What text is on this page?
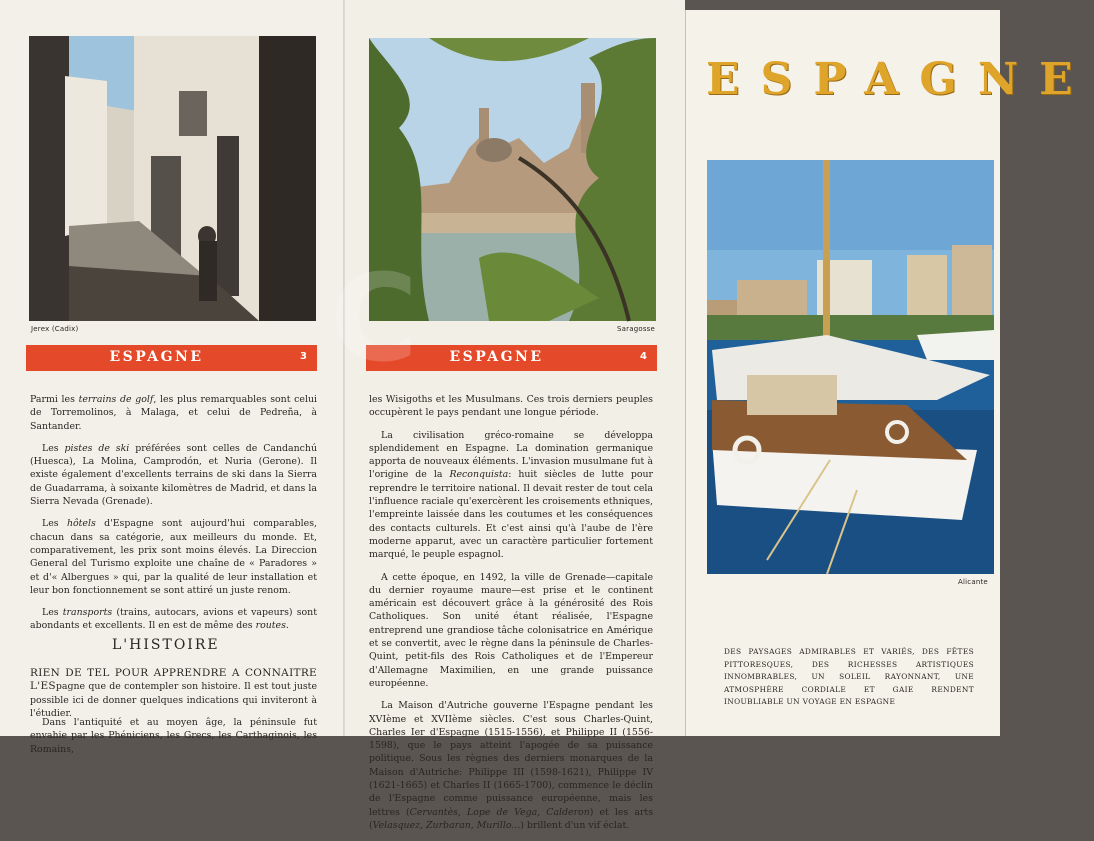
Jerex (Cadix)
ESPAGNE	3

Parmi les terrains de golf, les plus remarquables sont celui de Torremolinos, à Malaga, et celui de Pedreña, à Santander.

Les pistes de ski préférées sont celles de Candanchú (Huesca), La Molina, Camprodón, et Nuria (Gerone). Il existe également d'excellents terrains de ski dans la Sierra de Guadarrama, à soixante kilomètres de Madrid, et dans la Sierra Nevada (Grenade).

Les hôtels d'Espagne sont aujourd'hui comparables, chacun dans sa catégorie, aux meilleurs du monde. Et, comparativement, les prix sont moins élevés. La Direccion General del Turismo exploite une chaîne de « Paradores » et d'« Albergues » qui, par la qualité de leur installation et leur bon fonctionnement se sont attiré un juste renom.

Les transports (trains, autocars, avions et vapeurs) sont abondants et excellents. Il en est de même des routes.

L'HISTOIRE
RIEN DE TEL POUR APPRENDRE A CONNAITRE L'ESpagne que de contempler son histoire. Il est tout juste possible ici de donner quelques indications qui inviteront à l'étudier.
Dans l'antiquité et au moyen âge, la péninsule fut envahie par les Phéniciens, les Grecs, les Carthaginois, les Romains,
Saragosse
ESPAGNE	4

les Wisigoths et les Musulmans. Ces trois derniers peuples occupèrent le pays pendant une longue période.

La civilisation gréco-romaine se développa splendidement en Espagne. La domination germanique apporta de nouveaux éléments. L'invasion musulmane fut à l'origine de la Reconquista: huit siècles de lutte pour reprendre le territoire national. Il devait rester de tout cela l'influence raciale qu'exercèrent les croisements ethniques, l'empreinte laissée dans les coutumes et les conséquences des contacts culturels. Et c'est ainsi qu'à l'aube de l'ère moderne apparut, avec un caractère particulier fortement marqué, le peuple espagnol.

A cette époque, en 1492, la ville de Grenade—capitale du dernier royaume maure—est prise et le continent américain est découvert grâce à la générosité des Rois Catholiques. Son unité étant réalisée, l'Espagne entreprend une grandiose tâche colonisatrice en Amérique et se convertit, avec le règne dans la péninsule de Charles-Quint, petit-fils des Rois Catholiques et de l'Empereur d'Allemagne Maximilien, en une grande puissance européenne.

La Maison d'Autriche gouverne l'Espagne pendant les XVIème et XVIIème siècles. C'est sous Charles-Quint, Charles Ier d'Espagne (1515-1556), et Philippe II (1556-1598), que le pays atteint l'apogée de sa puissance politique. Sous les règnes des derniers monarques de la Maison d'Autriche: Philippe III (1598-1621), Philippe IV (1621-1665) et Charles II (1665-1700), commence le déclin de l'Espagne comme puissance européenne, mais les lettres (Cervantès, Lope de Vega, Calderon) et les arts (Velasquez, Zurbaran, Murillo...) brillent d'un vif éclat.

ESPAGNE
Alicante
DES PAYSAGES ADMIRABLES ET VARIÉS, DES FÊTES PITTORESQUES, DES RICHESSES ARTISTIQUES INNOMBRABLES, UN SOLEIL RAYONNANT, UNE ATMOSPHÈRE CORDIALE ET GAIE RENDENT INOUBLIABLE UN VOYAGE EN ESPAGNE
